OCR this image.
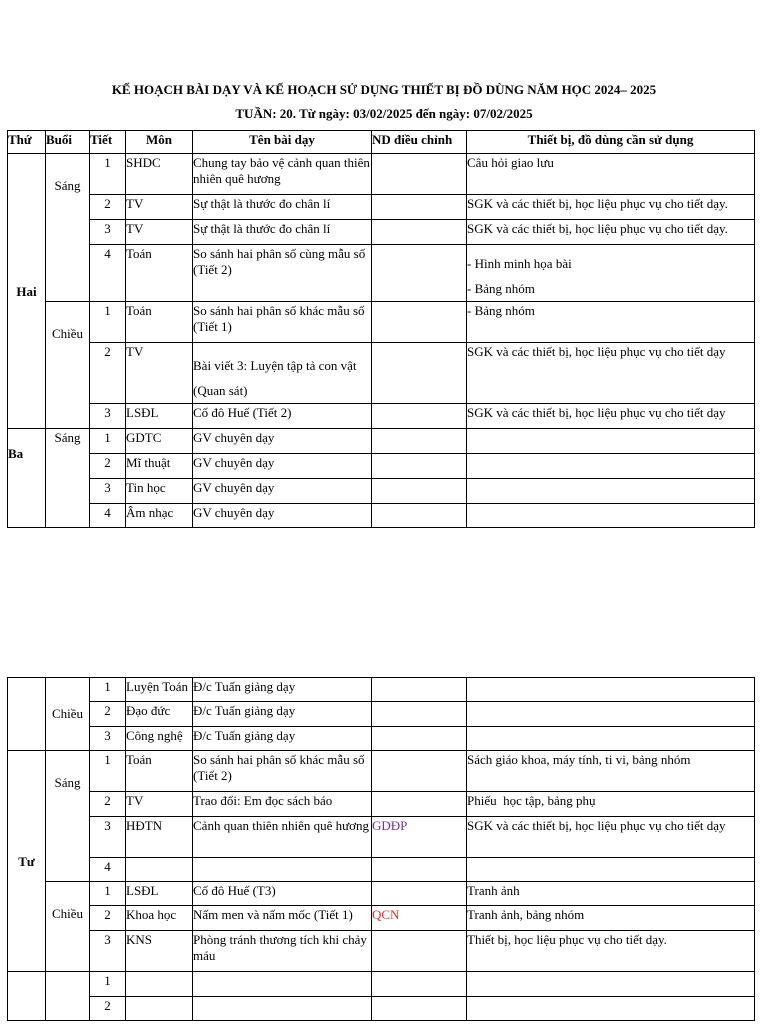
KẾ HOẠCH BÀI DẠY VÀ KẾ HOẠCH SỬ DỤNG THIẾT BỊ ĐỒ DÙNG NĂM HỌC 2024– 2025
TUẦN: 20. Từ ngày: 03/02/2025 đến ngày: 07/02/2025
Thứ	Buổi	Tiết	Môn	Tên bài dạy	ND điều chỉnh	Thiết bị, đồ dùng cần sử dụng
Hai	Sáng	1	SHDC	Chung tay bảo vệ cảnh quan thiên nhiên quê hương		Câu hỏi giao lưu
		2	TV	Sự thật là thước đo chân lí		SGK và các thiết bị, học liệu phục vụ cho tiết dạy.
		3	TV	Sự thật là thước đo chân lí		SGK và các thiết bị, học liệu phục vụ cho tiết dạy.
		4	Toán	So sánh hai phân số cùng mẫu số (Tiết 2)		- Hình minh họa bài
- Bảng nhóm

	Chiều	1	Toán	So sánh hai phân số khác mẫu số (Tiết 1)		- Bảng nhóm
		2	TV	Bài viết 3: Luyện tập tả con vật (Quan sát)		SGK và các thiết bị, học liệu phục vụ cho tiết dạy
		3	LSĐL	Cố đô Huế (Tiết 2)		SGK và các thiết bị, học liệu phục vụ cho tiết dạy
Ba	Sáng	1	GDTC	GV chuyên dạy		
		2	Mĩ thuật	GV chuyên dạy		
		3	Tin học	GV chuyên dạy		
		4	Âm nhạc	GV chuyên dạy		
	Chiều	1	Luyện Toán	Đ/c Tuấn giảng dạy		
		2	Đạo đức	Đ/c Tuấn giảng dạy		
		3	Công nghệ	Đ/c Tuấn giảng dạy		
Tư	Sáng	1	Toán	So sánh hai phân số khác mẫu số (Tiết 2)		Sách giáo khoa, máy tính, ti vi, bảng nhóm
		2	TV	Trao đổi: Em đọc sách báo		Phiếu  học tập, bảng phụ
		3	HĐTN	Cảnh quan thiên nhiên quê hương	GDĐP	SGK và các thiết bị, học liệu phục vụ cho tiết dạy
		4				
	Chiều	1	LSĐL	Cố đô Huế (T3)		Tranh ảnh
		2	Khoa học	Nấm men và nấm mốc (Tiết 1)	QCN	Tranh ảnh, bảng nhóm
		3	KNS	Phòng tránh thương tích khi chảy máu		Thiết bị, học liệu phục vụ cho tiết dạy.
		1				
		2				
